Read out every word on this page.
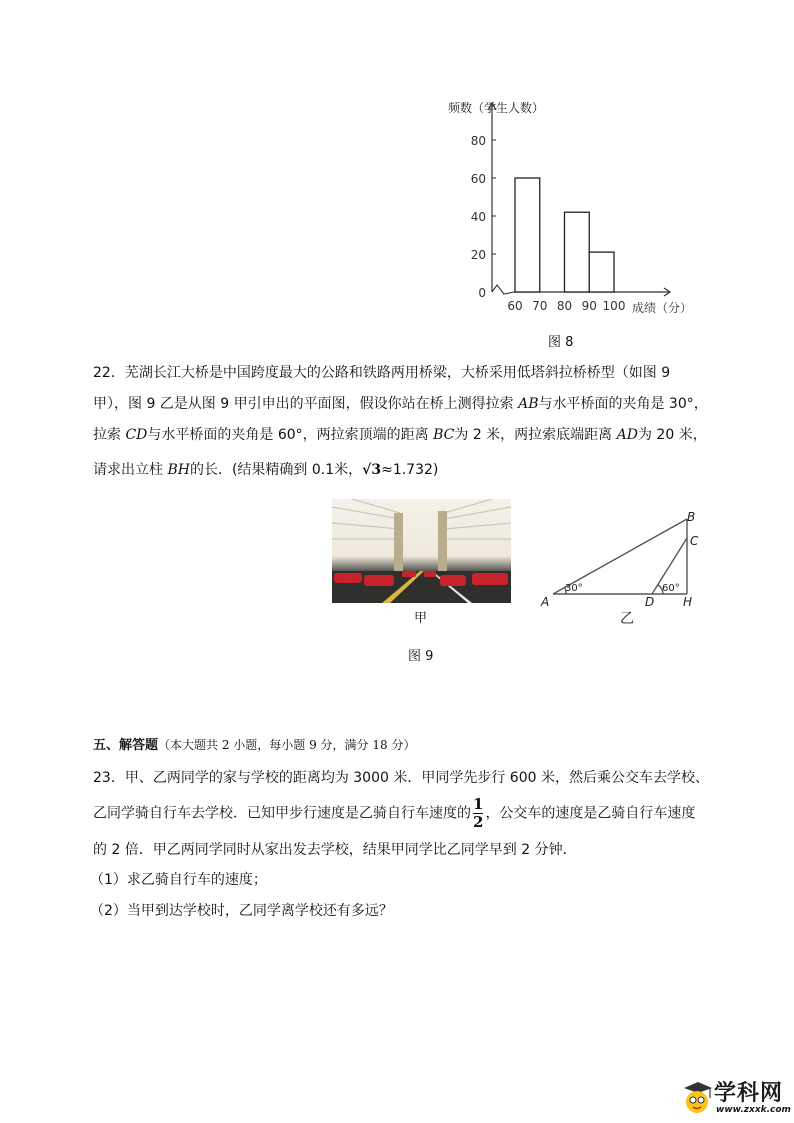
频数（学生人数）
0
20
40
60
80
60 70 80 90 100 成绩（分）
图 8
22．芜湖长江大桥是中国跨度最大的公路和铁路两用桥梁，大桥采用低塔斜拉桥桥型（如图 9
甲），图 9 乙是从图 9 甲引申出的平面图，假设你站在桥上测得拉索 AB与水平桥面的夹角是 30°，
拉索 CD与水平桥面的夹角是 60°，两拉索顶端的距离 BC为 2 米，两拉索底端距离 AD为 20 米，
请求出立柱 BH的长．(结果精确到 0.1米，√3≈1.732)
甲
30°	60°
A
B
C
D H
乙
图 9
五、解答题（本大题共 2 小题，每小题 9 分，满分 18 分）
23．甲、乙两同学的家与学校的距离均为 3000 米．甲同学先步行 600 米，然后乘公交车去学校、
乙同学骑自行车去学校．已知甲步行速度是乙骑自行车速度的 $\frac{1}{2}$ ，公交车的速度是乙骑自行车速度
的 2 倍．甲乙两同学同时从家出发去学校，结果甲同学比乙同学早到 2 分钟．
（1）求乙骑自行车的速度；
（2）当甲到达学校时，乙同学离学校还有多远？
学科网
www.zxxk.com
